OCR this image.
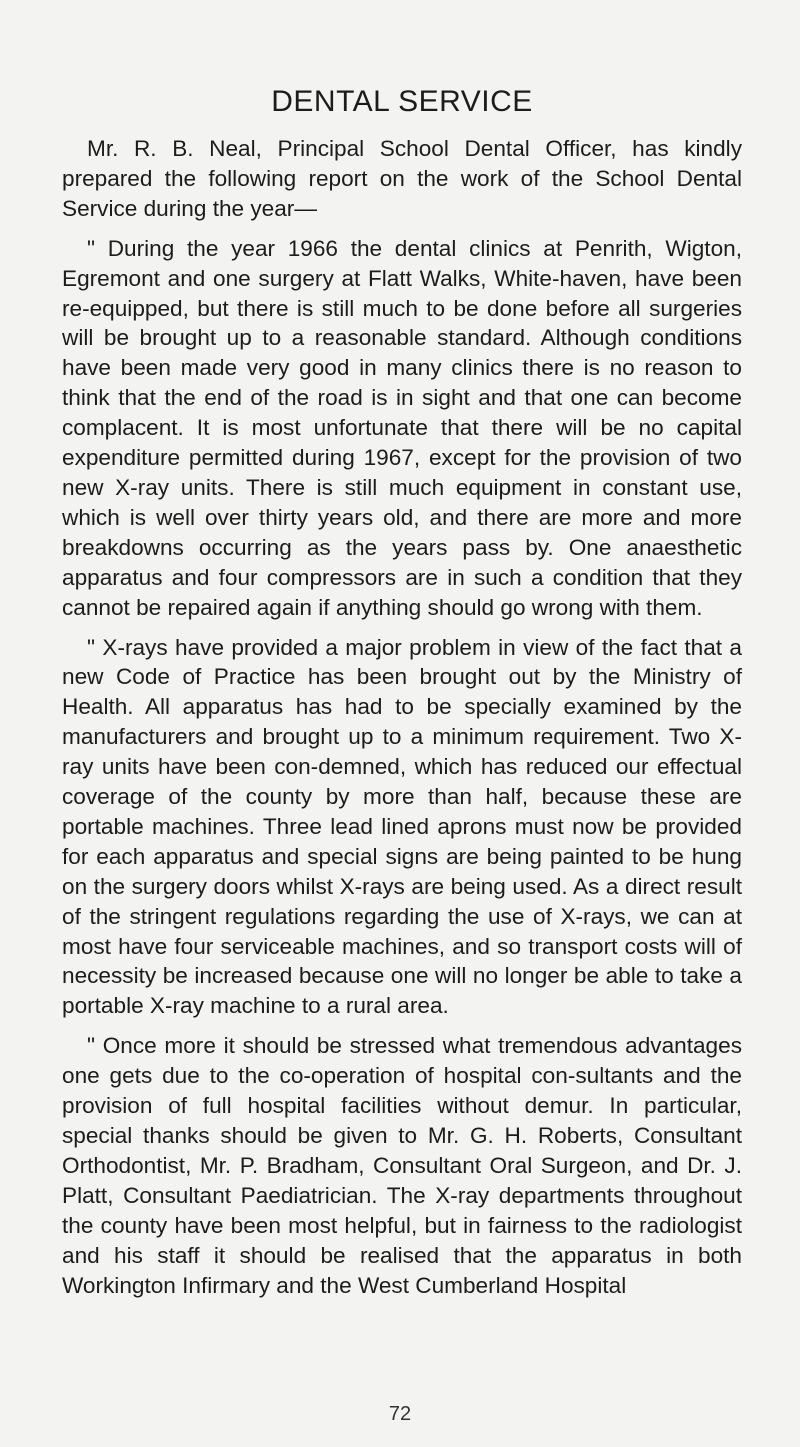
DENTAL SERVICE

Mr. R. B. Neal, Principal School Dental Officer, has kindly prepared the following report on the work of the School Dental Service during the year—

" During the year 1966 the dental clinics at Penrith, Wigton, Egremont and one surgery at Flatt Walks, White-haven, have been re-equipped, but there is still much to be done before all surgeries will be brought up to a reasonable standard. Although conditions have been made very good in many clinics there is no reason to think that the end of the road is in sight and that one can become complacent. It is most unfortunate that there will be no capital expenditure permitted during 1967, except for the provision of two new X-ray units. There is still much equipment in constant use, which is well over thirty years old, and there are more and more breakdowns occurring as the years pass by. One anaesthetic apparatus and four compressors are in such a condition that they cannot be repaired again if anything should go wrong with them.

" X-rays have provided a major problem in view of the fact that a new Code of Practice has been brought out by the Ministry of Health. All apparatus has had to be specially examined by the manufacturers and brought up to a minimum requirement. Two X-ray units have been con-demned, which has reduced our effectual coverage of the county by more than half, because these are portable machines. Three lead lined aprons must now be provided for each apparatus and special signs are being painted to be hung on the surgery doors whilst X-rays are being used. As a direct result of the stringent regulations regarding the use of X-rays, we can at most have four serviceable machines, and so transport costs will of necessity be increased because one will no longer be able to take a portable X-ray machine to a rural area.

" Once more it should be stressed what tremendous advantages one gets due to the co-operation of hospital con-sultants and the provision of full hospital facilities without demur. In particular, special thanks should be given to Mr. G. H. Roberts, Consultant Orthodontist, Mr. P. Bradham, Consultant Oral Surgeon, and Dr. J. Platt, Consultant Paediatrician. The X-ray departments throughout the county have been most helpful, but in fairness to the radiologist and his staff it should be realised that the apparatus in both Workington Infirmary and the West Cumberland Hospital

72
